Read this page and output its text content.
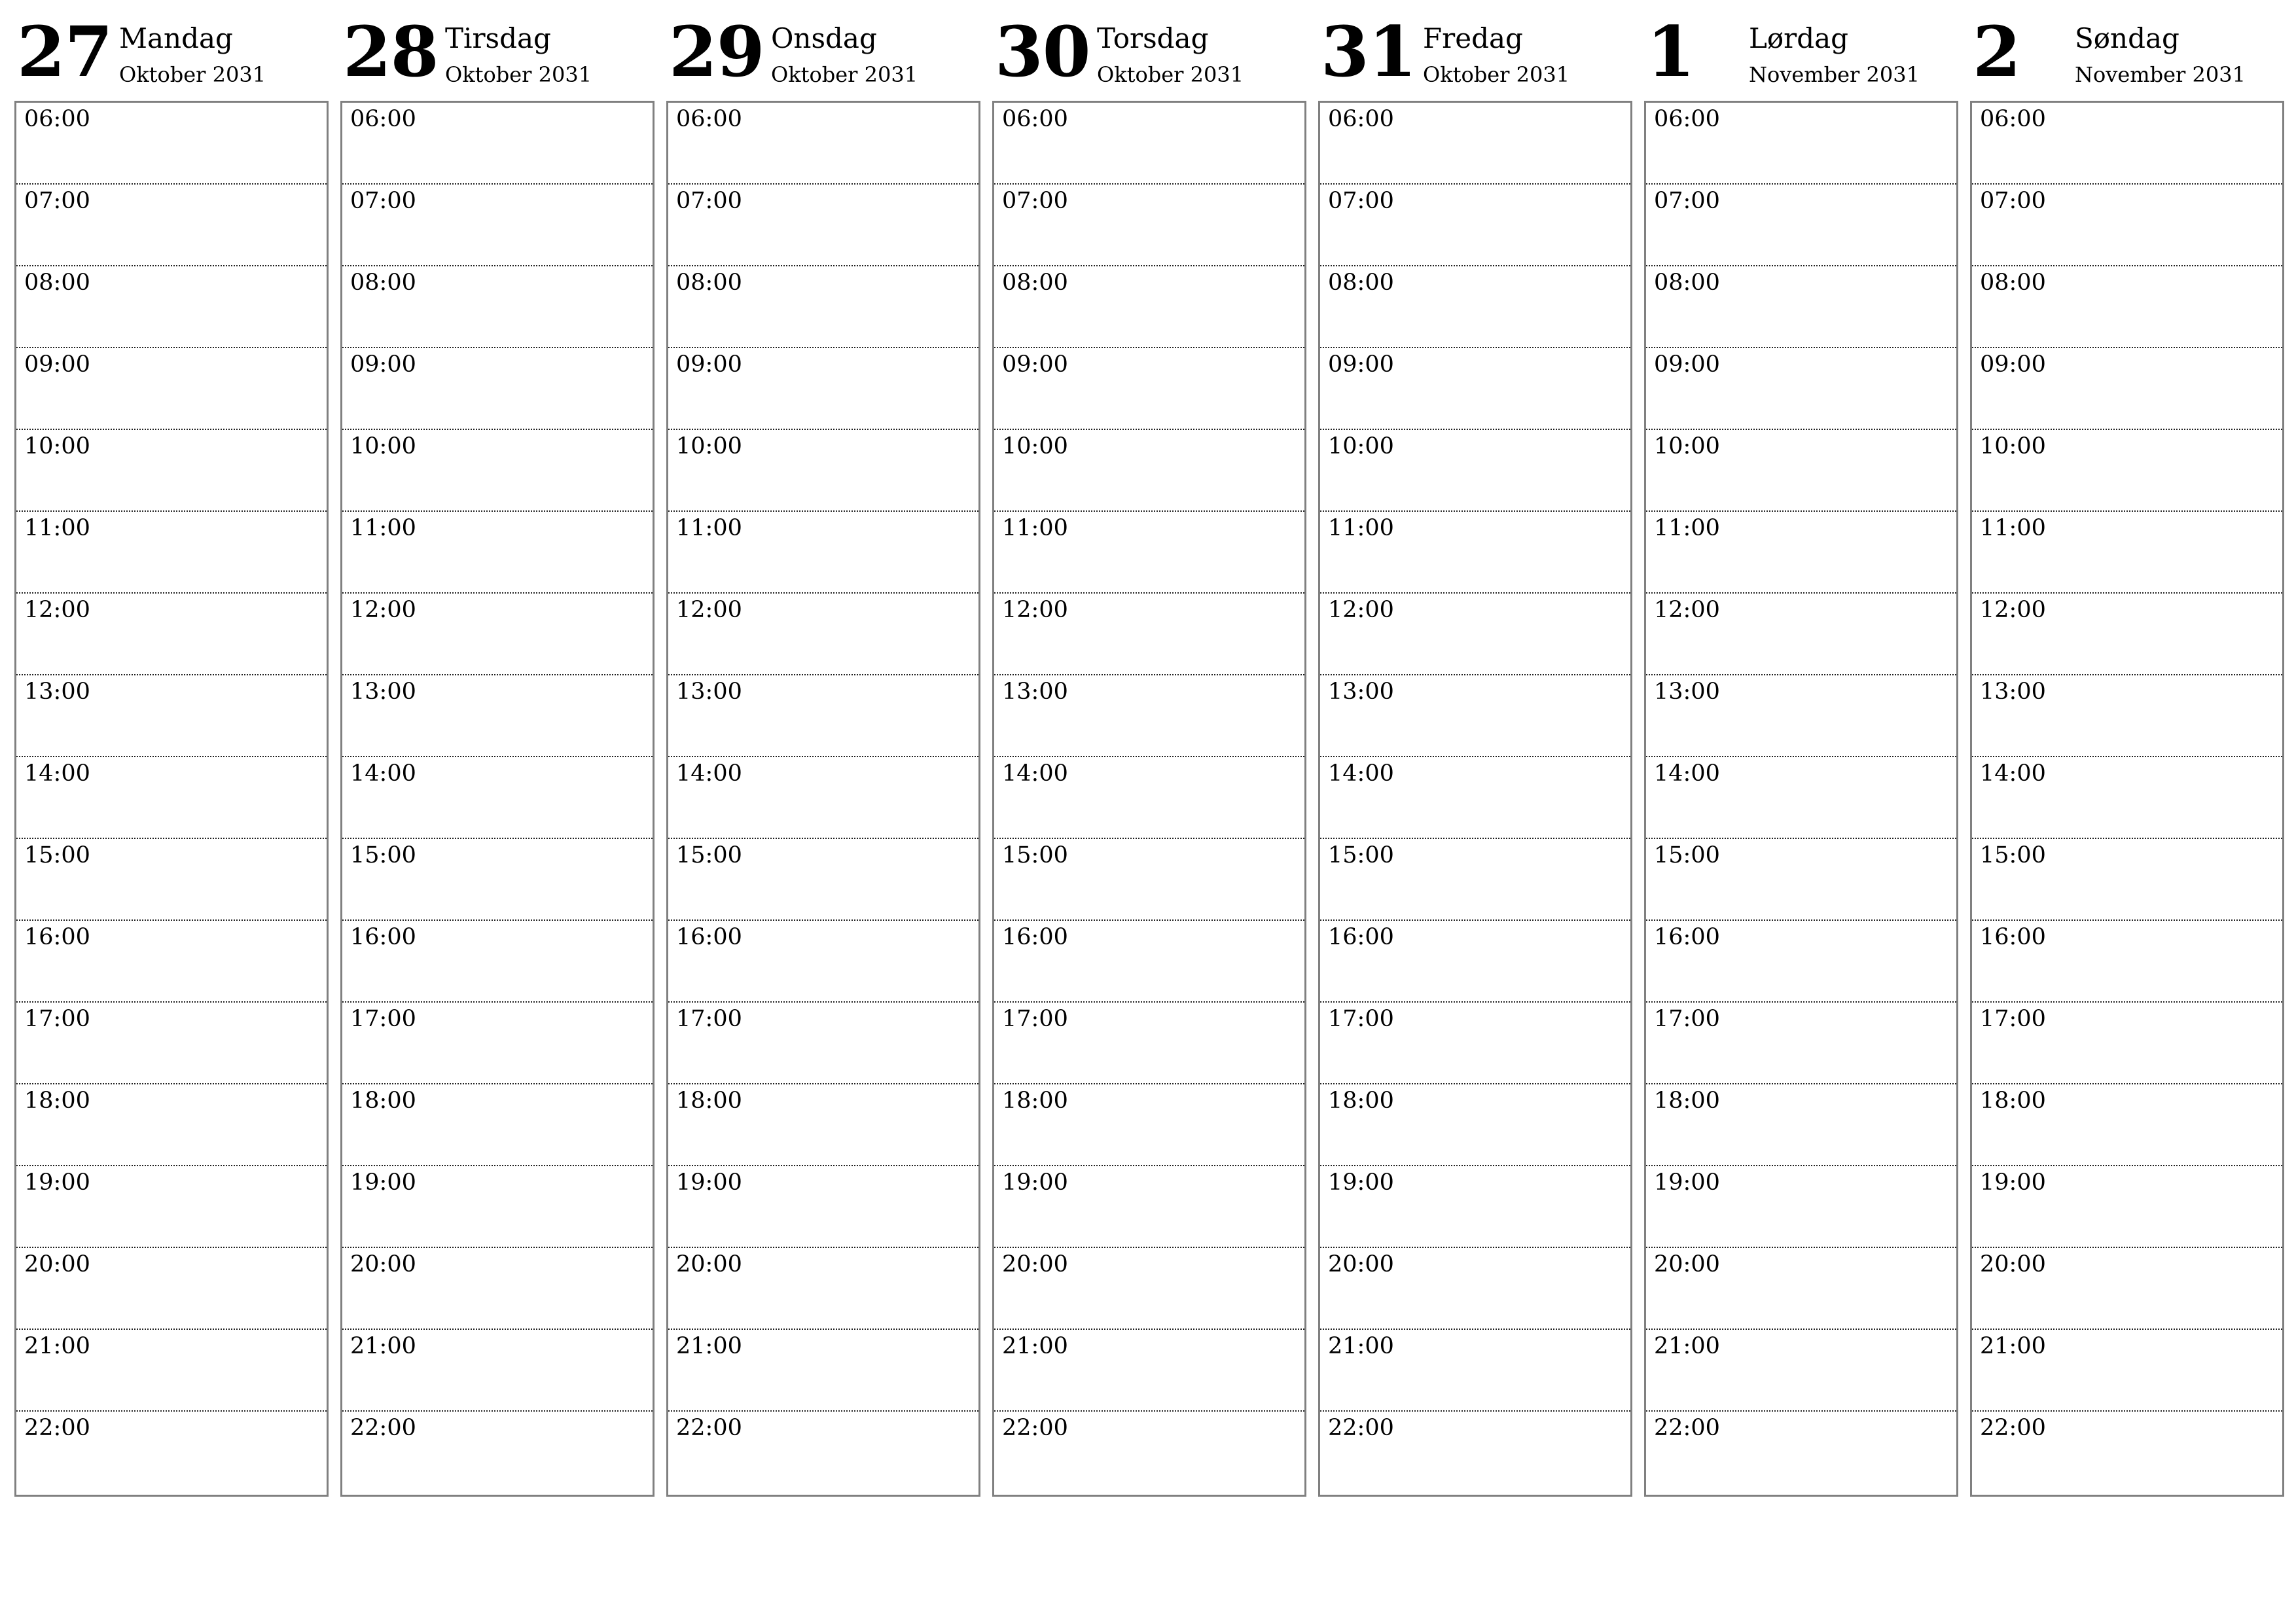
27 Mandag
Oktober 2031
06:00
07:00
08:00
09:00
10:00
11:00
12:00
13:00
14:00
15:00
16:00
17:00
18:00
19:00
20:00
21:00
22:00
28 Tirsdag
Oktober 2031
06:00
07:00
08:00
09:00
10:00
11:00
12:00
13:00
14:00
15:00
16:00
17:00
18:00
19:00
20:00
21:00
22:00
29 Onsdag
Oktober 2031
06:00
07:00
08:00
09:00
10:00
11:00
12:00
13:00
14:00
15:00
16:00
17:00
18:00
19:00
20:00
21:00
22:00
30 Torsdag
Oktober 2031
06:00
07:00
08:00
09:00
10:00
11:00
12:00
13:00
14:00
15:00
16:00
17:00
18:00
19:00
20:00
21:00
22:00
31 Fredag
Oktober 2031
06:00
07:00
08:00
09:00
10:00
11:00
12:00
13:00
14:00
15:00
16:00
17:00
18:00
19:00
20:00
21:00
22:00
1 Lørdag
November 2031
06:00
07:00
08:00
09:00
10:00
11:00
12:00
13:00
14:00
15:00
16:00
17:00
18:00
19:00
20:00
21:00
22:00
2 Søndag
November 2031
06:00
07:00
08:00
09:00
10:00
11:00
12:00
13:00
14:00
15:00
16:00
17:00
18:00
19:00
20:00
21:00
22:00
